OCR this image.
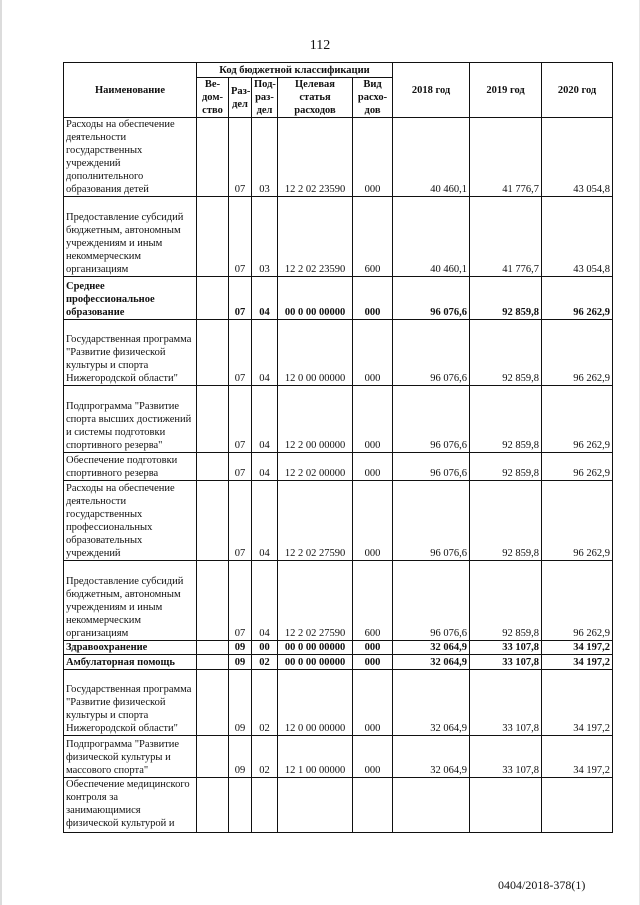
112
Наименование	Код бюджетной классификации					2018 год	2019 год	2020 год
	Ве-дом-ство	Раз-дел	Под-раз-дел	Целевая статья расходов	Вид расхо-дов			
Расходы на обеспечение деятельности государственных учреждений дополнительного образования детей		07	03	12 2 02 23590	000	40 460,1	41 776,7	43 054,8
Предоставление субсидий бюджетным, автономным учреждениям и иным некоммерческим организациям		07	03	12 2 02 23590	600	40 460,1	41 776,7	43 054,8
Среднее профессиональное образование		07	04	00 0 00 00000	000	96 076,6	92 859,8	96 262,9
Государственная программа "Развитие физической культуры и спорта Нижегородской области"		07	04	12 0 00 00000	000	96 076,6	92 859,8	96 262,9
Подпрограмма "Развитие спорта высших достижений и системы подготовки спортивного резерва"		07	04	12 2 00 00000	000	96 076,6	92 859,8	96 262,9
Обеспечение подготовки спортивного резерва		07	04	12 2 02 00000	000	96 076,6	92 859,8	96 262,9
Расходы на обеспечение деятельности государственных профессиональных образовательных учреждений		07	04	12 2 02 27590	000	96 076,6	92 859,8	96 262,9
Предоставление субсидий бюджетным, автономным учреждениям и иным некоммерческим организациям		07	04	12 2 02 27590	600	96 076,6	92 859,8	96 262,9
Здравоохранение		09	00	00 0 00 00000	000	32 064,9	33 107,8	34 197,2
Амбулаторная помощь		09	02	00 0 00 00000	000	32 064,9	33 107,8	34 197,2
Государственная программа "Развитие физической культуры и спорта Нижегородской области"		09	02	12 0 00 00000	000	32 064,9	33 107,8	34 197,2
Подпрограмма "Развитие физической культуры и массового спорта"		09	02	12 1 00 00000	000	32 064,9	33 107,8	34 197,2
Обеспечение медицинского контроля за занимающимися физической культурой и								
0404/2018-378(1)
